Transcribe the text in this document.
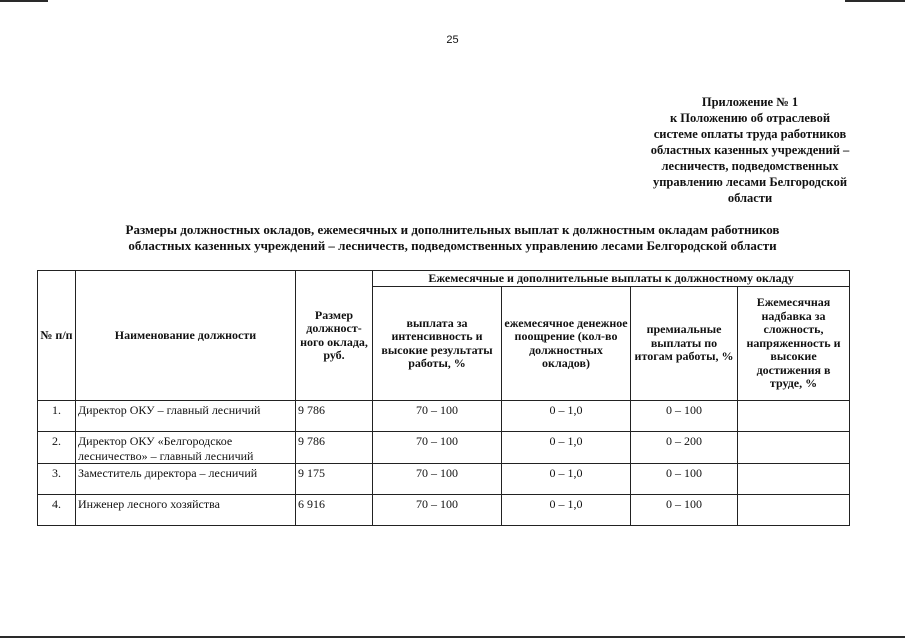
25
Приложение № 1
к Положению об отраслевой
системе оплаты труда работников
областных казенных учреждений –
лесничеств, подведомственных
управлению лесами Белгородской
области
Размеры должностных окладов, ежемесячных и дополнительных выплат к должностным окладам работников
областных казенных учреждений – лесничеств, подведомственных управлению лесами Белгородской области
№ п/п	Наименование должности	Размер должност-ного оклада, руб.	Ежемесячные и дополнительные выплаты к должностному окладу			
			выплата за интенсивность и высокие результаты работы, %	ежемесячное денежное поощрение (кол-во должностных окладов)	премиальные выплаты по итогам работы, %	Ежемесячная надбавка за сложность, напряженность и высокие достижения в труде, %
1.	Директор ОКУ – главный лесничий	9 786	70 – 100	0 – 1,0	0 – 100	
2.	Директор ОКУ «Белгородское лесничество» – главный лесничий	9 786	70 – 100	0 – 1,0	0 – 200	
3.	Заместитель директора – лесничий	9 175	70 – 100	0 – 1,0	0 – 100	
4.	Инженер лесного хозяйства	6 916	70 – 100	0 – 1,0	0 – 100	
